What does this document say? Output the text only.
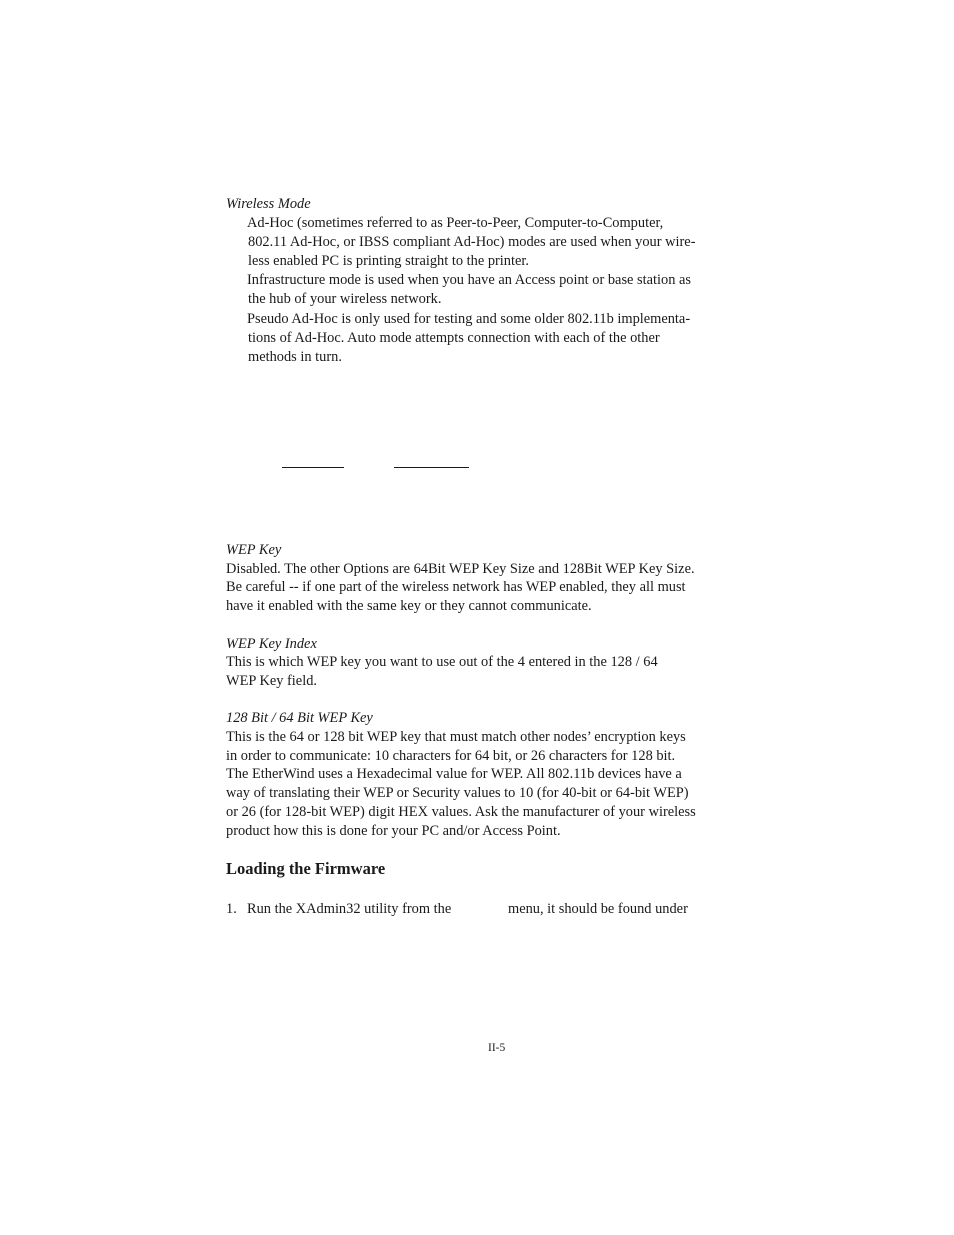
Wireless Mode
Ad-Hoc (sometimes referred to as Peer-to-Peer, Computer-to-Computer,
802.11 Ad-Hoc, or IBSS compliant Ad-Hoc) modes are used when your wire-
less enabled PC is printing straight to the printer.
Infrastructure mode is used when you have an Access point or base station as
the hub of your wireless network.
Pseudo Ad-Hoc is only used for testing and some older 802.11b implementa-
tions of Ad-Hoc. Auto mode attempts connection with each of the other
methods in turn.
WEP Key
Disabled. The other Options are 64Bit WEP Key Size and 128Bit WEP Key Size.
Be careful -- if one part of the wireless network has WEP enabled, they all must
have it enabled with the same key or they cannot communicate.
WEP Key Index
This is which WEP key you want to use out of the 4 entered in the 128 / 64
WEP Key field.
128 Bit / 64 Bit WEP Key
This is the 64 or 128 bit WEP key that must match other nodes’ encryption keys
in order to communicate: 10 characters for 64 bit, or 26 characters for 128 bit.
The EtherWind uses a Hexadecimal value for WEP. All 802.11b devices have a
way of translating their WEP or Security values to 10 (for 40-bit or 64-bit WEP)
or 26 (for 128-bit WEP) digit HEX values. Ask the manufacturer of your wireless
product how this is done for your PC and/or Access Point.
Loading the Firmware
1. Run the XAdmin32 utility from the	menu, it should be found under
II-5
